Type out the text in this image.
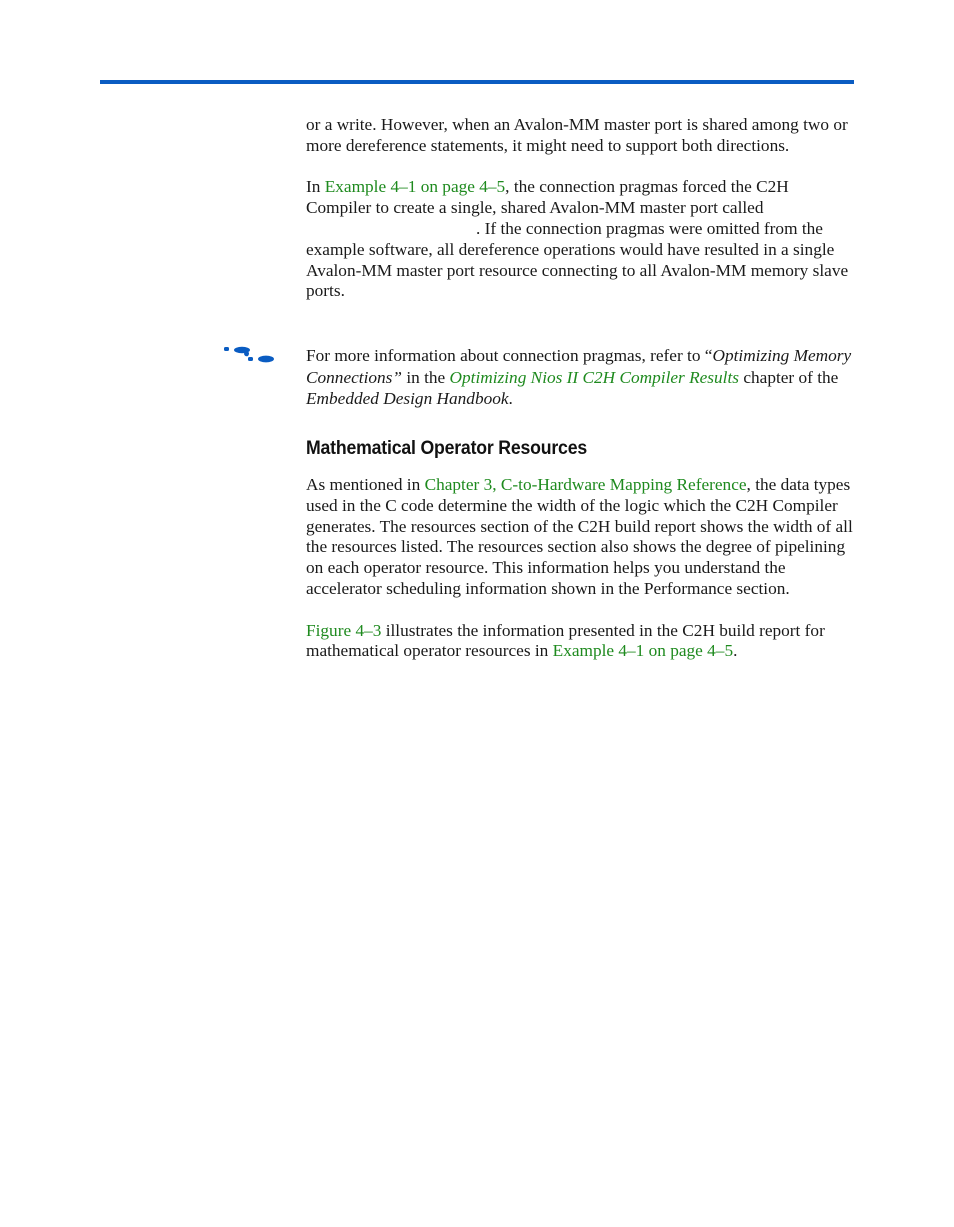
or a write. However, when an Avalon-MM master port is shared among two or more dereference statements, it might need to support both directions.

In Example 4–1 on page 4–5, the connection pragmas forced the C2H Compiler to create a single, shared Avalon-MM master port called
. If the connection pragmas were omitted from the example software, all dereference operations would have resulted in a single Avalon-MM master port resource connecting to all Avalon-MM memory slave ports.

For more information about connection pragmas, refer to “Optimizing Memory Connections” in the Optimizing Nios II C2H Compiler Results chapter of the Embedded Design Handbook.
Mathematical Operator Resources

As mentioned in Chapter 3, C-to-Hardware Mapping Reference, the data types used in the C code determine the width of the logic which the C2H Compiler generates. The resources section of the C2H build report shows the width of all the resources listed. The resources section also shows the degree of pipelining on each operator resource. This information helps you understand the accelerator scheduling information shown in the Performance section.

Figure 4–3 illustrates the information presented in the C2H build report for mathematical operator resources in Example 4–1 on page 4–5.
